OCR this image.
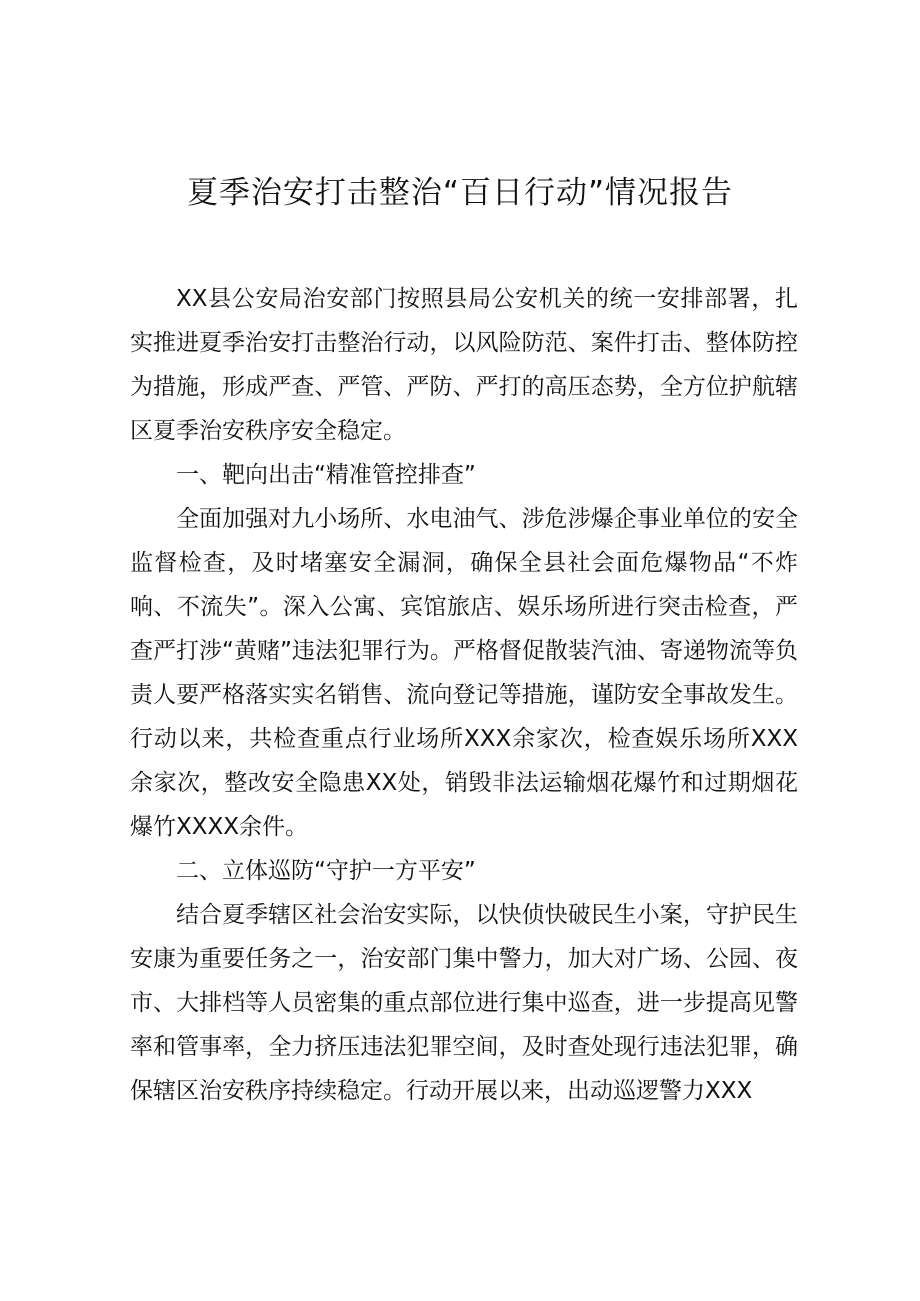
夏季治安打击整治“百日行动”情况报告

XX县公安局治安部门按照县局公安机关的统一安排部署，扎实推进夏季治安打击整治行动，以风险防范、案件打击、整体防控为措施，形成严查、严管、严防、严打的高压态势，全方位护航辖区夏季治安秩序安全稳定。

一、靶向出击“精准管控排查”

全面加强对九小场所、水电油气、涉危涉爆企事业单位的安全监督检查，及时堵塞安全漏洞，确保全县社会面危爆物品“不炸响、不流失”。深入公寓、宾馆旅店、娱乐场所进行突击检查，严查严打涉“黄赌”违法犯罪行为。严格督促散装汽油、寄递物流等负责人要严格落实实名销售、流向登记等措施，谨防安全事故发生。行动以来，共检查重点行业场所XXX余家次，检查娱乐场所XXX余家次，整改安全隐患XX处，销毁非法运输烟花爆竹和过期烟花爆竹XXXX余件。

二、立体巡防“守护一方平安”

结合夏季辖区社会治安实际，以快侦快破民生小案，守护民生安康为重要任务之一，治安部门集中警力，加大对广场、公园、夜市、大排档等人员密集的重点部位进行集中巡查，进一步提高见警率和管事率，全力挤压违法犯罪空间，及时查处现行违法犯罪，确保辖区治安秩序持续稳定。行动开展以来，出动巡逻警力XXX
